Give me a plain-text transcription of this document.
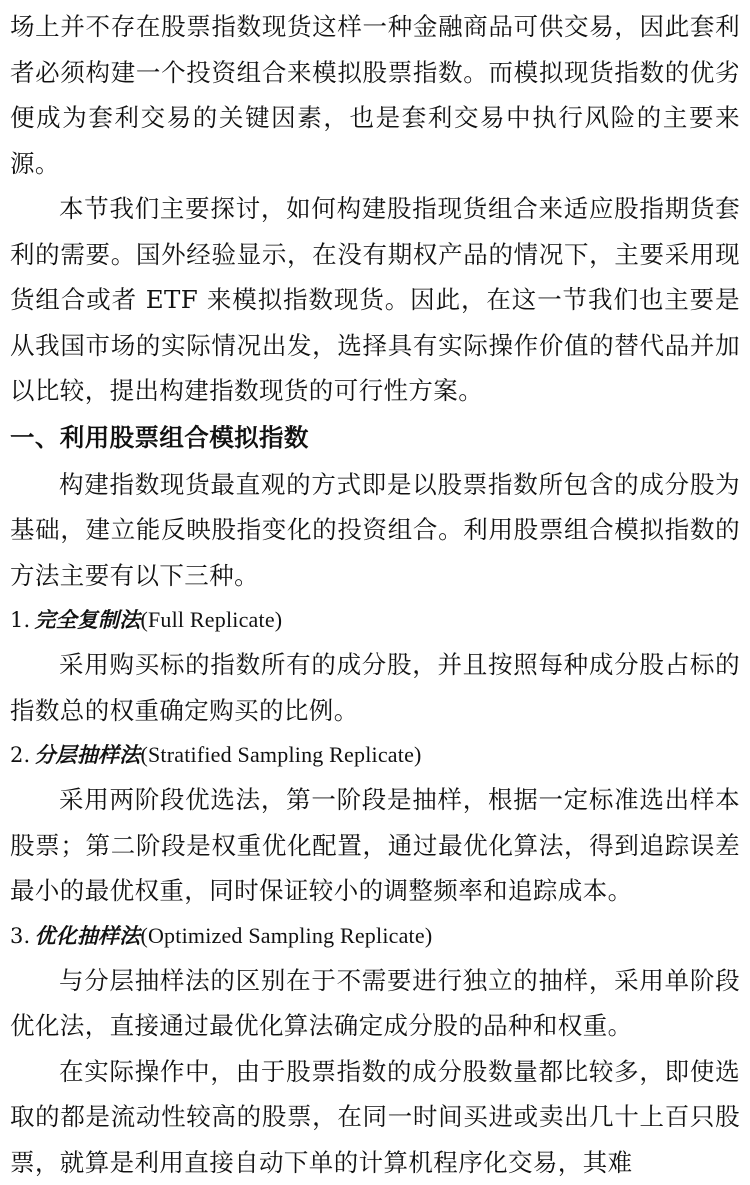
场上并不存在股票指数现货这样一种金融商品可供交易，因此套利者必须构建一个投资组合来模拟股票指数。而模拟现货指数的优劣便成为套利交易的关键因素，也是套利交易中执行风险的主要来源。

本节我们主要探讨，如何构建股指现货组合来适应股指期货套利的需要。国外经验显示，在没有期权产品的情况下，主要采用现货组合或者 ETF 来模拟指数现货。因此，在这一节我们也主要是从我国市场的实际情况出发，选择具有实际操作价值的替代品并加以比较，提出构建指数现货的可行性方案。

一、利用股票组合模拟指数

构建指数现货最直观的方式即是以股票指数所包含的成分股为基础，建立能反映股指变化的投资组合。利用股票组合模拟指数的方法主要有以下三种。

1. 完全复制法(Full Replicate)

采用购买标的指数所有的成分股，并且按照每种成分股占标的指数总的权重确定购买的比例。

2. 分层抽样法(Stratified Sampling Replicate)

采用两阶段优选法，第一阶段是抽样，根据一定标准选出样本股票；第二阶段是权重优化配置，通过最优化算法，得到追踪误差最小的最优权重，同时保证较小的调整频率和追踪成本。

3. 优化抽样法(Optimized Sampling Replicate)

与分层抽样法的区别在于不需要进行独立的抽样，采用单阶段优化法，直接通过最优化算法确定成分股的品种和权重。

在实际操作中，由于股票指数的成分股数量都比较多，即使选取的都是流动性较高的股票，在同一时间买进或卖出几十上百只股票，就算是利用直接自动下单的计算机程序化交易，其难
